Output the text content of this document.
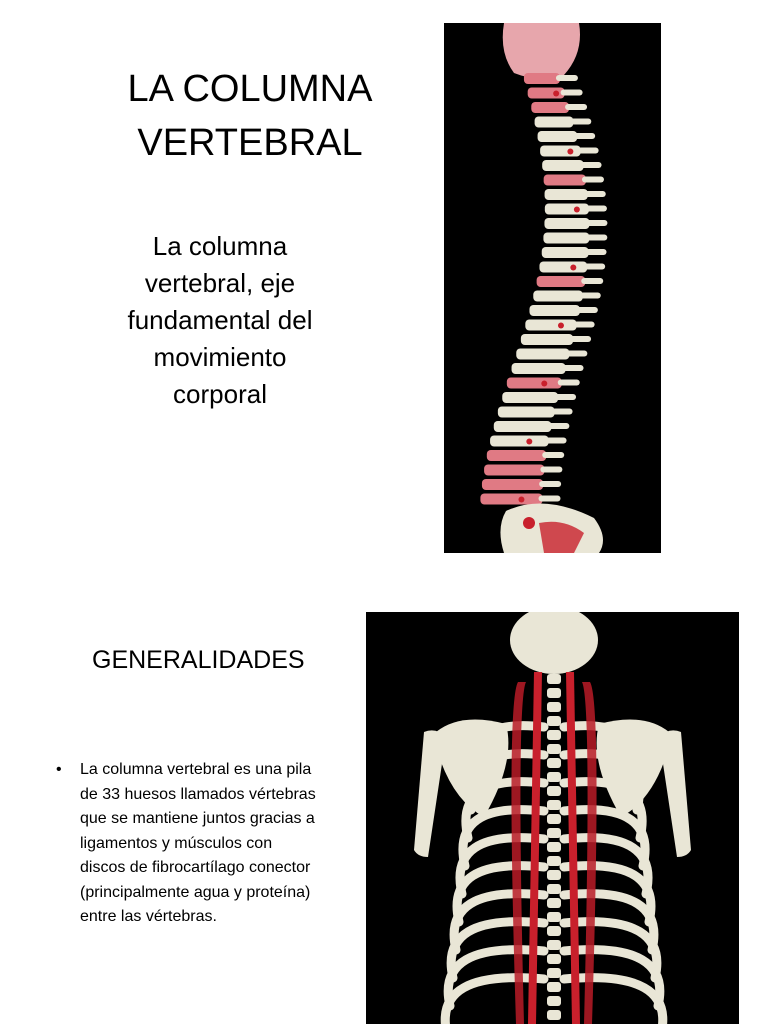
LA COLUMNA
VERTEBRAL

La columna
vertebral, eje
fundamental del
movimiento
corporal

GENERALIDADES
• La columna vertebral es una pila
de 33 huesos llamados vértebras
que se mantiene juntos gracias a
ligamentos y músculos con
discos de fibrocartílago conector
(principalmente agua y proteína)
entre las vértebras.
